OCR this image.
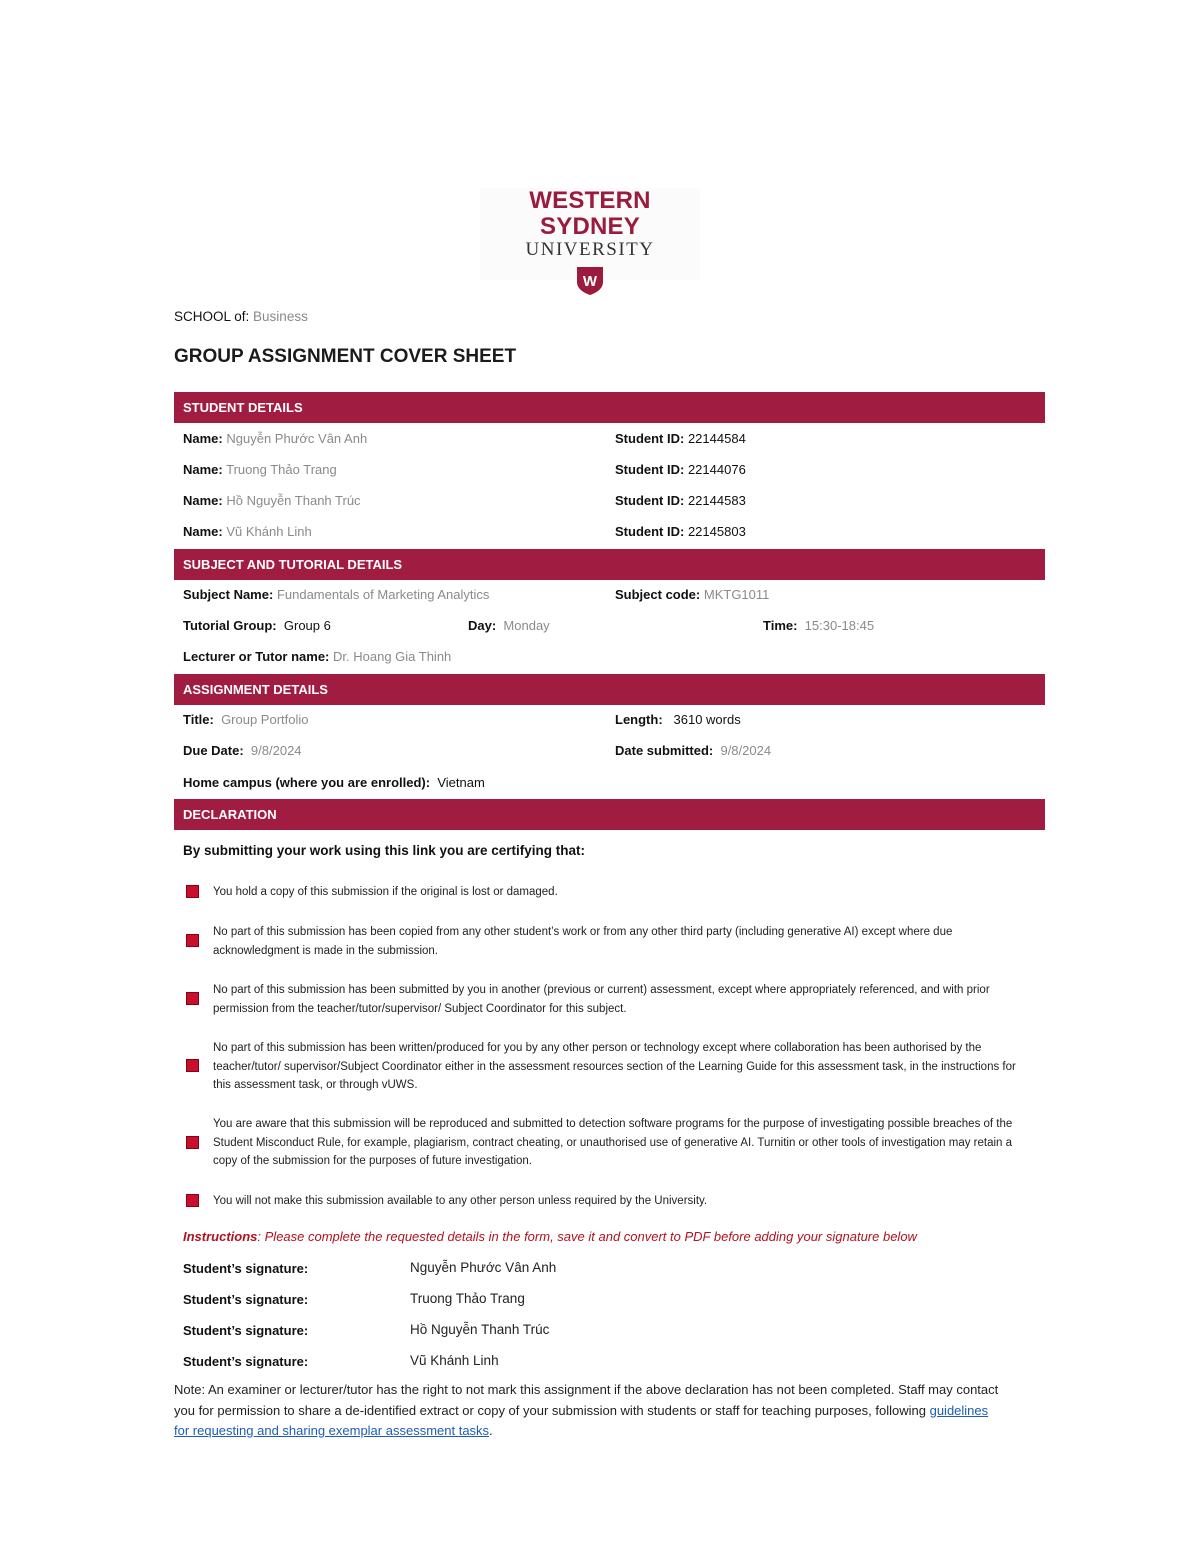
WESTERN SYDNEY
UNIVERSITY
W
SCHOOL of: Business
GROUP ASSIGNMENT COVER SHEET
STUDENT DETAILS
Name: Nguyễn Phước Vân Anh	Student ID: 22144584
Name: Truong Thảo Trang	Student ID: 22144076
Name: Hồ Nguyễn Thanh Trúc	Student ID: 22144583
Name: Vũ Khánh Linh	Student ID: 22145803
SUBJECT AND TUTORIAL DETAILS
Subject Name: Fundamentals of Marketing Analytics	Subject code: MKTG1011
Tutorial Group: Group 6	Day: Monday	Time: 15:30-18:45
Lecturer or Tutor name: Dr. Hoang Gia Thinh
ASSIGNMENT DETAILS
Title: Group Portfolio	Length: 3610 words
Due Date: 9/8/2024	Date submitted: 9/8/2024
Home campus (where you are enrolled): Vietnam
DECLARATION
By submitting your work using this link you are certifying that:
You hold a copy of this submission if the original is lost or damaged.
No part of this submission has been copied from any other student’s work or from any other third party (including generative AI) except where due acknowledgment is made in the submission.
No part of this submission has been submitted by you in another (previous or current) assessment, except where appropriately referenced, and with prior permission from the teacher/tutor/supervisor/ Subject Coordinator for this subject.
No part of this submission has been written/produced for you by any other person or technology except where collaboration has been authorised by the teacher/tutor/ supervisor/Subject Coordinator either in the assessment resources section of the Learning Guide for this assessment task, in the instructions for this assessment task, or through vUWS.
You are aware that this submission will be reproduced and submitted to detection software programs for the purpose of investigating possible breaches of the Student Misconduct Rule, for example, plagiarism, contract cheating, or unauthorised use of generative AI. Turnitin or other tools of investigation may retain a copy of the submission for the purposes of future investigation.
You will not make this submission available to any other person unless required by the University.
Instructions: Please complete the requested details in the form, save it and convert to PDF before adding your signature below
Student’s signature:	Nguyễn Phước Vân Anh
Student’s signature:	Truong Thảo Trang
Student’s signature:	Hồ Nguyễn Thanh Trúc
Student’s signature:	Vũ Khánh Linh
Note: An examiner or lecturer/tutor has the right to not mark this assignment if the above declaration has not been completed. Staff may contact you for permission to share a de-identified extract or copy of your submission with students or staff for teaching purposes, following guidelines for requesting and sharing exemplar assessment tasks.
